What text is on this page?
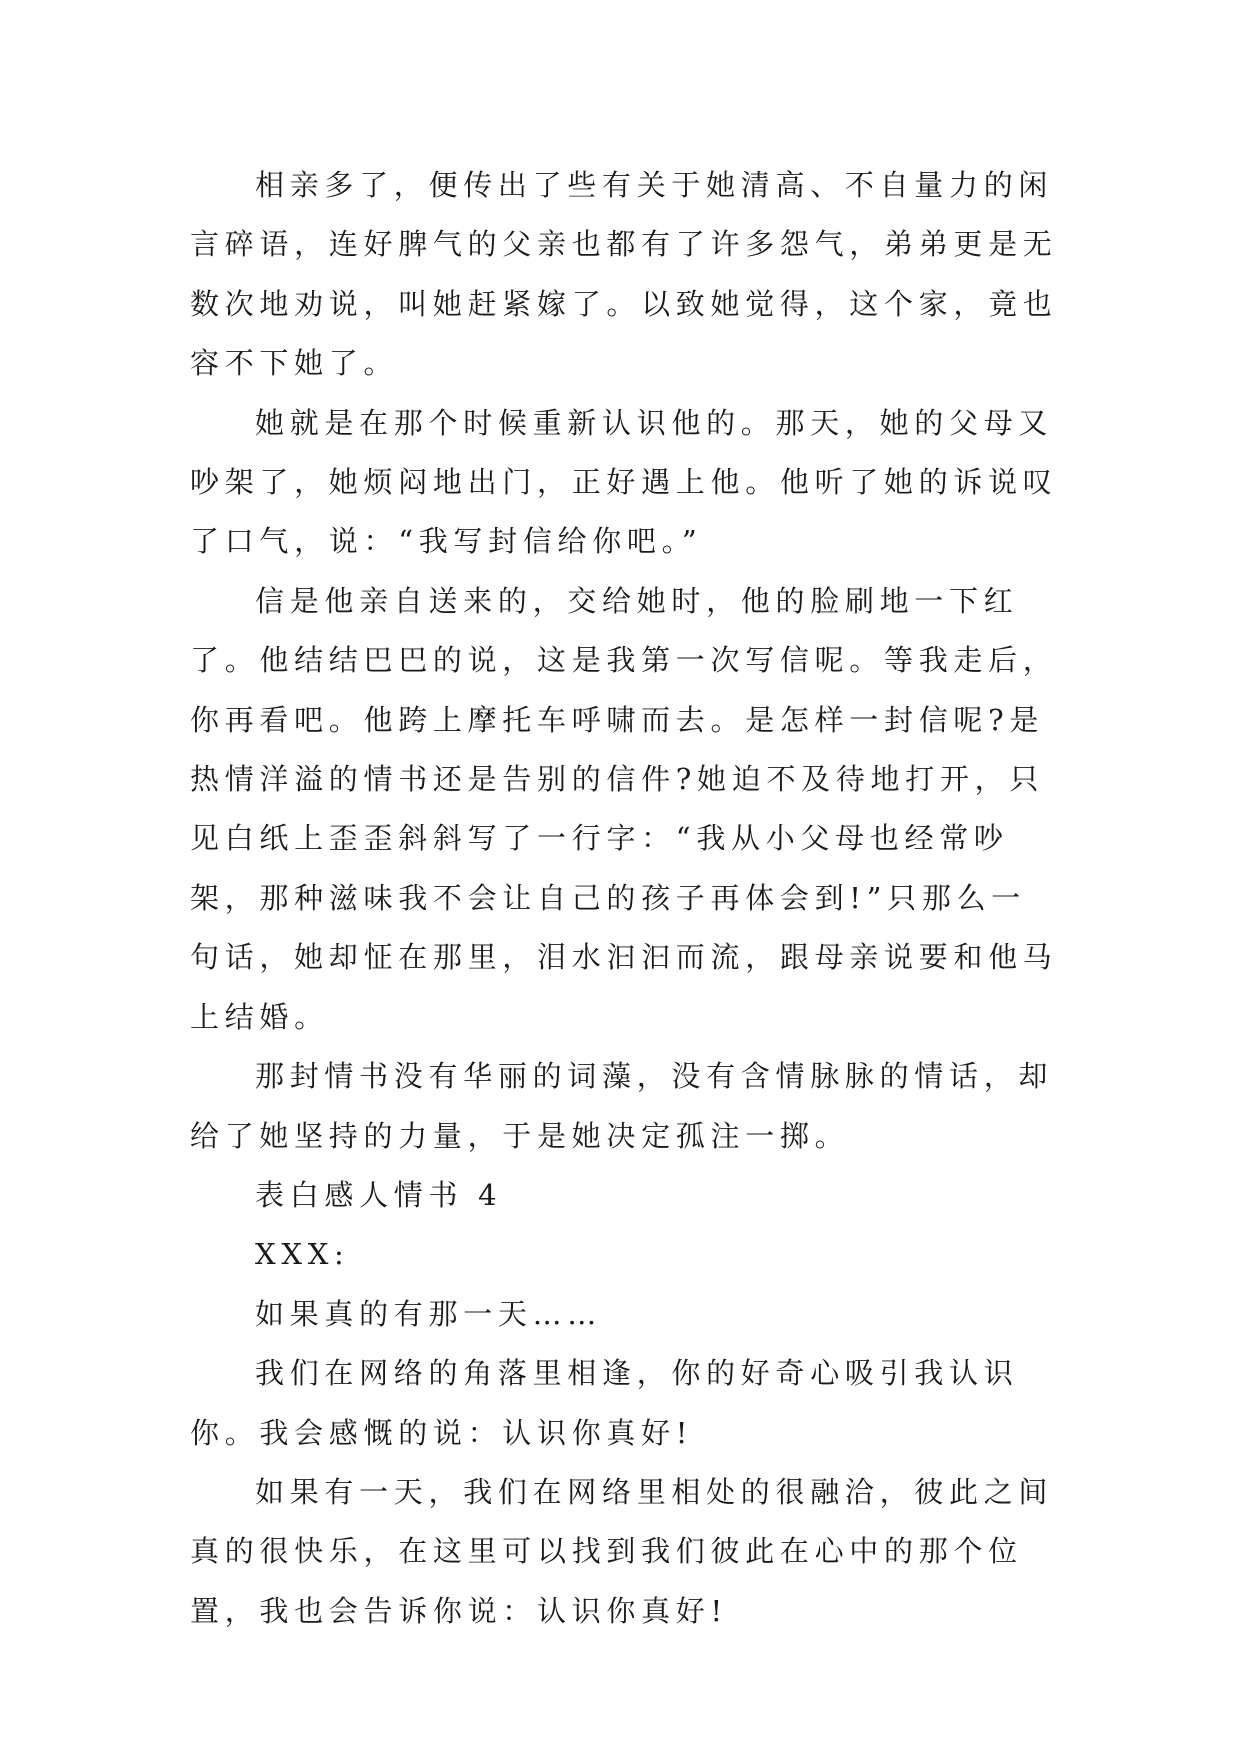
相亲多了，便传出了些有关于她清高、不自量力的闲言碎语，连好脾气的父亲也都有了许多怨气，弟弟更是无数次地劝说，叫她赶紧嫁了。以致她觉得，这个家，竟也容不下她了。

她就是在那个时候重新认识他的。那天，她的父母又吵架了，她烦闷地出门，正好遇上他。他听了她的诉说叹了口气，说：“我写封信给你吧。”

信是他亲自送来的，交给她时，他的脸刷地一下红了。他结结巴巴的说，这是我第一次写信呢。等我走后，你再看吧。他跨上摩托车呼啸而去。是怎样一封信呢?是热情洋溢的情书还是告别的信件?她迫不及待地打开，只见白纸上歪歪斜斜写了一行字：“我从小父母也经常吵架，那种滋味我不会让自己的孩子再体会到!”只那么一句话，她却怔在那里，泪水汩汩而流，跟母亲说要和他马上结婚。

那封情书没有华丽的词藻，没有含情脉脉的情话，却给了她坚持的力量，于是她决定孤注一掷。

表白感人情书 4

XXX:

如果真的有那一天……

我们在网络的角落里相逢，你的好奇心吸引我认识你。我会感慨的说：认识你真好!

如果有一天，我们在网络里相处的很融洽，彼此之间真的很快乐，在这里可以找到我们彼此在心中的那个位置，我也会告诉你说：认识你真好!
